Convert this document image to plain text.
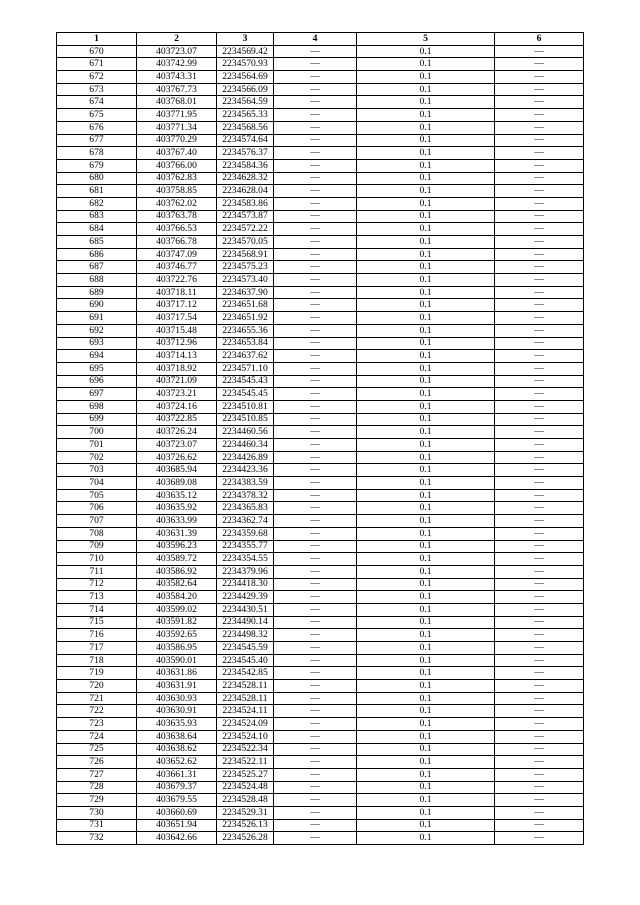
1	2	3	4	5	6
670	403723.07	2234569.42	—	0.1	—
671	403742.99	2234570.93	—	0.1	—
672	403743.31	2234564.69	—	0.1	—
673	403767.73	2234566.09	—	0.1	—
674	403768.01	2234564.59	—	0.1	—
675	403771.95	2234565.33	—	0.1	—
676	403771.34	2234568.56	—	0.1	—
677	403770.29	2234574.64	—	0.1	—
678	403767.40	2234576.37	—	0.1	—
679	403766.00	2234584.36	—	0.1	—
680	403762.83	2234628.32	—	0.1	—
681	403758.85	2234628.04	—	0.1	—
682	403762.02	2234583.86	—	0.1	—
683	403763.78	2234573.87	—	0.1	—
684	403766.53	2234572.22	—	0.1	—
685	403766.78	2234570.05	—	0.1	—
686	403747.09	2234568.91	—	0.1	—
687	403746.77	2234575.23	—	0.1	—
688	403722.76	2234573.40	—	0.1	—
689	403718.11	2234637.90	—	0.1	—
690	403717.12	2234651.68	—	0.1	—
691	403717.54	2234651.92	—	0.1	—
692	403715.48	2234655.36	—	0.1	—
693	403712.96	2234653.84	—	0.1	—
694	403714.13	2234637.62	—	0.1	—
695	403718.92	2234571.10	—	0.1	—
696	403721.09	2234545.43	—	0.1	—
697	403723.21	2234545.45	—	0.1	—
698	403724.16	2234510.81	—	0.1	—
699	403722.85	2234510.85	—	0.1	—
700	403726.24	2234460.56	—	0.1	—
701	403723.07	2234460.34	—	0.1	—
702	403726.62	2234426.89	—	0.1	—
703	403685.94	2234423.36	—	0.1	—
704	403689.08	2234383.59	—	0.1	—
705	403635.12	2234378.32	—	0.1	—
706	403635.92	2234365.83	—	0.1	—
707	403633.99	2234362.74	—	0.1	—
708	403631.39	2234359.68	—	0.1	—
709	403596.23	2234355.77	—	0.1	—
710	403589.72	2234354.55	—	0.1	—
711	403586.92	2234379.96	—	0.1	—
712	403582.64	2234418.30	—	0.1	—
713	403584.20	2234429.39	—	0.1	—
714	403599.02	2234430.51	—	0.1	—
715	403591.82	2234490.14	—	0.1	—
716	403592.65	2234498.32	—	0.1	—
717	403586.95	2234545.59	—	0.1	—
718	403590.01	2234545.40	—	0.1	—
719	403631.86	2234542.85	—	0.1	—
720	403631.91	2234528.11	—	0.1	—
721	403630.93	2234528.11	—	0.1	—
722	403630.91	2234524.11	—	0.1	—
723	403635.93	2234524.09	—	0.1	—
724	403638.64	2234524.10	—	0.1	—
725	403638.62	2234522.34	—	0.1	—
726	403652.62	2234522.11	—	0.1	—
727	403661.31	2234525.27	—	0.1	—
728	403679.37	2234524.48	—	0.1	—
729	403679.55	2234528.48	—	0.1	—
730	403660.69	2234529.31	—	0.1	—
731	403651.94	2234526.13	—	0.1	—
732	403642.66	2234526.28	—	0.1	—
